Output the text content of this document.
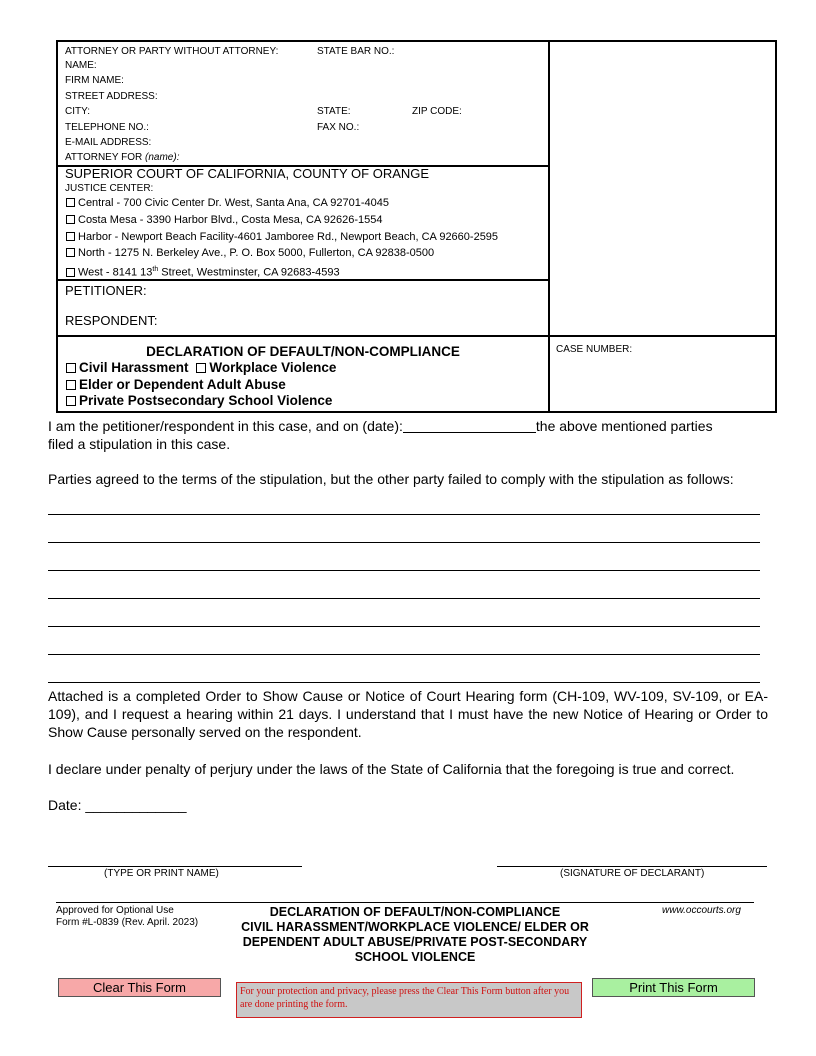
ATTORNEY OR PARTY WITHOUT ATTORNEY:	STATE BAR NO.:
NAME:
FIRM NAME:
STREET ADDRESS:
CITY:	STATE:	ZIP CODE:
TELEPHONE NO.:	FAX NO.:
E-MAIL ADDRESS:
ATTORNEY FOR (name):
SUPERIOR COURT OF CALIFORNIA, COUNTY OF ORANGE
JUSTICE CENTER:
Central - 700 Civic Center Dr. West, Santa Ana, CA 92701-4045
Costa Mesa - 3390 Harbor Blvd., Costa Mesa, CA 92626-1554
Harbor - Newport Beach Facility-4601 Jamboree Rd., Newport Beach, CA 92660-2595
North - 1275 N. Berkeley Ave., P. O. Box 5000, Fullerton, CA 92838-0500
West - 8141 13th Street, Westminster, CA 92683-4593
PETITIONER:
RESPONDENT:
DECLARATION OF DEFAULT/NON-COMPLIANCE
Civil Harassment Workplace Violence
Elder or Dependent Adult Abuse
Private Postsecondary School Violence
CASE NUMBER:
I am the petitioner/respondent in this case, and on (date):	the above mentioned parties
filed a stipulation in this case.
Parties agreed to the terms of the stipulation, but the other party failed to comply with the stipulation as follows:
Attached is a completed Order to Show Cause or Notice of Court Hearing form (CH-109, WV-109, SV-109, or EA-109), and I request a hearing within 21 days. I understand that I must have the new Notice of Hearing or Order to Show Cause personally served on the respondent.
I declare under penalty of perjury under the laws of the State of California that the foregoing is true and correct.
Date: _____________
(TYPE OR PRINT NAME)	(SIGNATURE OF DECLARANT)
Approved for Optional Use
Form #L-0839 (Rev. April. 2023)
DECLARATION OF DEFAULT/NON-COMPLIANCE
CIVIL HARASSMENT/WORKPLACE VIOLENCE/ ELDER OR
DEPENDENT ADULT ABUSE/PRIVATE POST-SECONDARY
SCHOOL VIOLENCE
www.occourts.org
Clear This Form	For your protection and privacy, please press the Clear This Form button after you are done printing the form.
Print This Form
